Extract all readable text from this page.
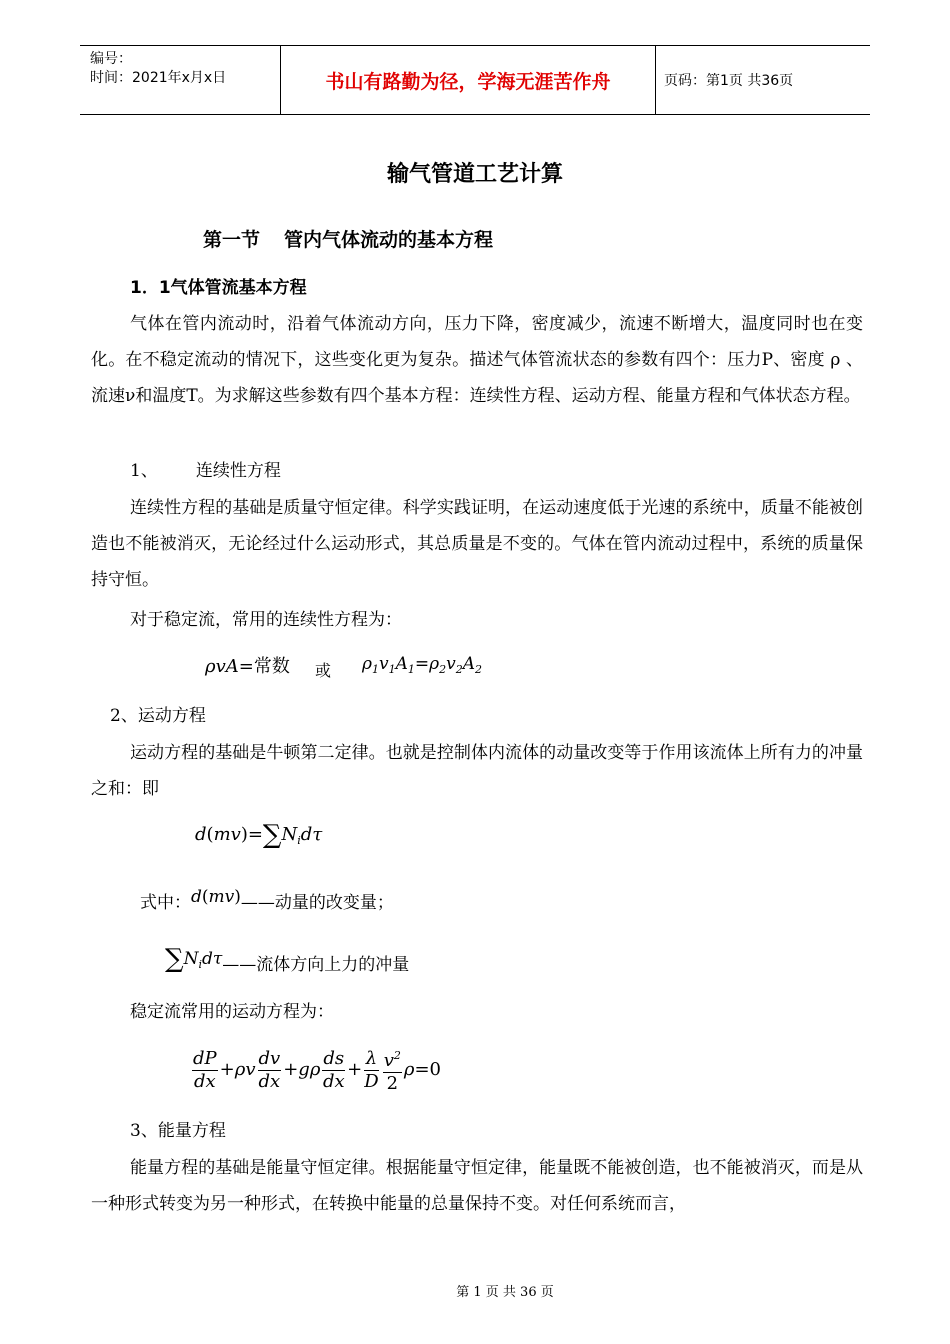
编号：
时间：2021年x月x日	书山有路勤为径，学海无涯苦作舟	页码：第1页 共36页
输气管道工艺计算
第一节 管内气体流动的基本方程
1．1气体管流基本方程
气体在管内流动时，沿着气体流动方向，压力下降，密度减少，流速不断增大，温度同时也在变化。在不稳定流动的情况下，这些变化更为复杂。描述气体管流状态的参数有四个：压力P、密度 ρ 、流速ν和温度T。为求解这些参数有四个基本方程：连续性方程、运动方程、能量方程和气体状态方程。
1、 连续性方程
连续性方程的基础是质量守恒定律。科学实践证明，在运动速度低于光速的系统中，质量不能被创造也不能被消灭，无论经过什么运动形式，其总质量是不变的。气体在管内流动过程中，系统的质量保持守恒。
对于稳定流，常用的连续性方程为：
ρvA=常数 或 $\rho_1v_1A_1=\rho_2v_2A_2$
2、运动方程
运动方程的基础是牛顿第二定律。也就是控制体内流体的动量改变等于作用该流体上所有力的冲量之和：即
$d(mv)=\sum N_id\tau$
式中：d(mv)——动量的改变量；
$\sum N_id\tau——$流体方向上力的冲量
稳定流常用的运动方程为：
$\frac{dP}{dx} +\rho v \frac{dv}{dx} +g\rho \frac{ds}{dx} + \frac{\lambda}{D} \frac{v^2}{2} \rho=0$
3、能量方程
能量方程的基础是能量守恒定律。根据能量守恒定律，能量既不能被创造，也不能被消灭，而是从一种形式转变为另一种形式，在转换中能量的总量保持不变。对任何系统而言，
第 1 页 共 36 页
